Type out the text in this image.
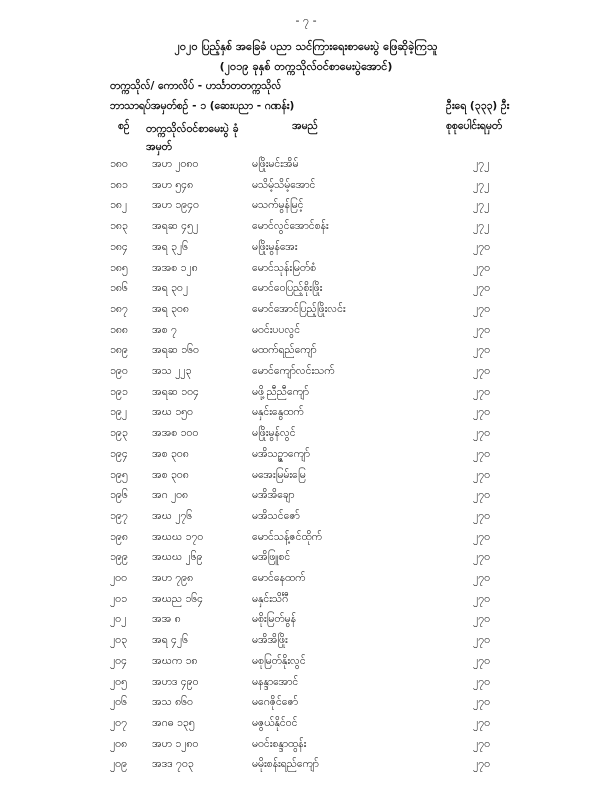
- ၇ -
၂၀၂၀ ပြည့်နှစ် အခြေခံ ပညာ သင်ကြားရေးစာမေးပွဲ ဖြေဆိုခဲ့ကြသူ
(၂၀၁၉ ခုနှစ် တက္ကသိုလ်ဝင်စာမေးပွဲအောင်)
တက္ကသိုလ်/ ကောလိပ် - ဟင်္သာတတက္ကသိုလ်
ဘာသာရပ်အမှတ်စဉ် - ၁ (ဆေးပညာ - ဂဏန်း)	ဦးရေ (၃၃၃) ဦး
စဉ် တက္ကသိုလ်ဝင်စာမေးပွဲ ခုံအမှတ်
အမည်	စုစုပေါင်းရမှတ်
၁၈၀ အဟ ၂၀၈၀	မဖြိုးမင်းအိမ်	၂၇၂
၁၈၁ အဟ ၅၄၈	မသိမ့်သိမ့်အောင်	၂၇၂
၁၈၂ အဟ ၁၉၄၀	မသက်မွန်မြင့်	၂၇၂
၁၈၃ အရဆ ၄၅၂	မောင်လွင်အောင်စန်း	၂၇၂
၁၈၄ အရ ၃၂၆	မဖြိုးမွန်အေး	၂၇၀
၁၈၅ အအစ ၁၂၈	မောင်သုန်းမြတ်စံ	၂၇၀
၁၈၆ အရ ၃၀၂	မောင်ဝေပြည့်စိုးဖြိုး	၂၇၀
၁၈၇ အရ ၃၀၈	မောင်အောင်ပြည့်ဖြိုးလင်း	၂၇၀
၁၈၈ အစ ၇	မဝင်းပပလွင်	၂၇၀
၁၈၉ အရဆ ၁၆၀	မထက်ရည်ကျော်	၂၇၀
၁၉၀ အသ ၂၂၃	မောင်ကျော်လင်းသက်	၂၇၀
၁၉၁ အရဆ ၁၀၄	မဖို့ညီညီကျော်	၂၇၀
၁၉၂ အဃ ၁၅၀	မနှင်းနွေထက်	၂၇၀
၁၉၃ အအစ ၁၀၀	မဖြိုးမွန်လွင်	၂၇၀
၁၉၄ အစ ၃၀၈	မအိသဉ္ဇာကျော်	၂၇၀
၁၉၅ အစ ၃၀၈	မအေးမြမ်းမြေ	၂၇၀
၁၉၆ အဂ ၂၀၈	မအိအိချော	၂၇၀
၁၉၇ အဃ ၂၇၆	မအိသင်ဇော်	၂၇၀
၁၉၈ အဃဃ ၁၇၀	မောင်သန့်ဇင်ထိုက်	၂၇၀
၁၉၉ အဃဃ ၂၆၉	မအိဖြူစင်	၂၇၀
၂၀၀ အဟ ၇၉၈	မောင်နေထက်	၂၇၀
၂၀၁ အဃည ၁၆၄	မနှင်းသိင်္ဂီ	၂၇၀
၂၀၂ အအ ၈	မစိုးမြတ်မွန်	၂၇၀
၂၀၃ အရ ၄၂၆	မအိအိဖြိုး	၂၇၀
၂၀၄ အဃက ၁၈	မစုမြတ်နိုးလွင်	၂၇၀
၂၀၅ အဟဒ ၄၉၀	မနန္ဒာအောင်	၂၇၀
၂၀၆ အသ ၈၆၀	မဂေဇိုင်ဇော်	၂၇၀
၂၀၇ အဂဓ ၁၃၅	မဇွယ်နိုင်ဝင်	၂၇၀
၂၀၈ အဟ ၁၂၈၀	မဝင်းစန္ဒာထွန်း	၂၇၀
၂၀၉ အဒဒ ၇၀၃	မမိုးစန်းရည်ကျော်	၂၇၀
